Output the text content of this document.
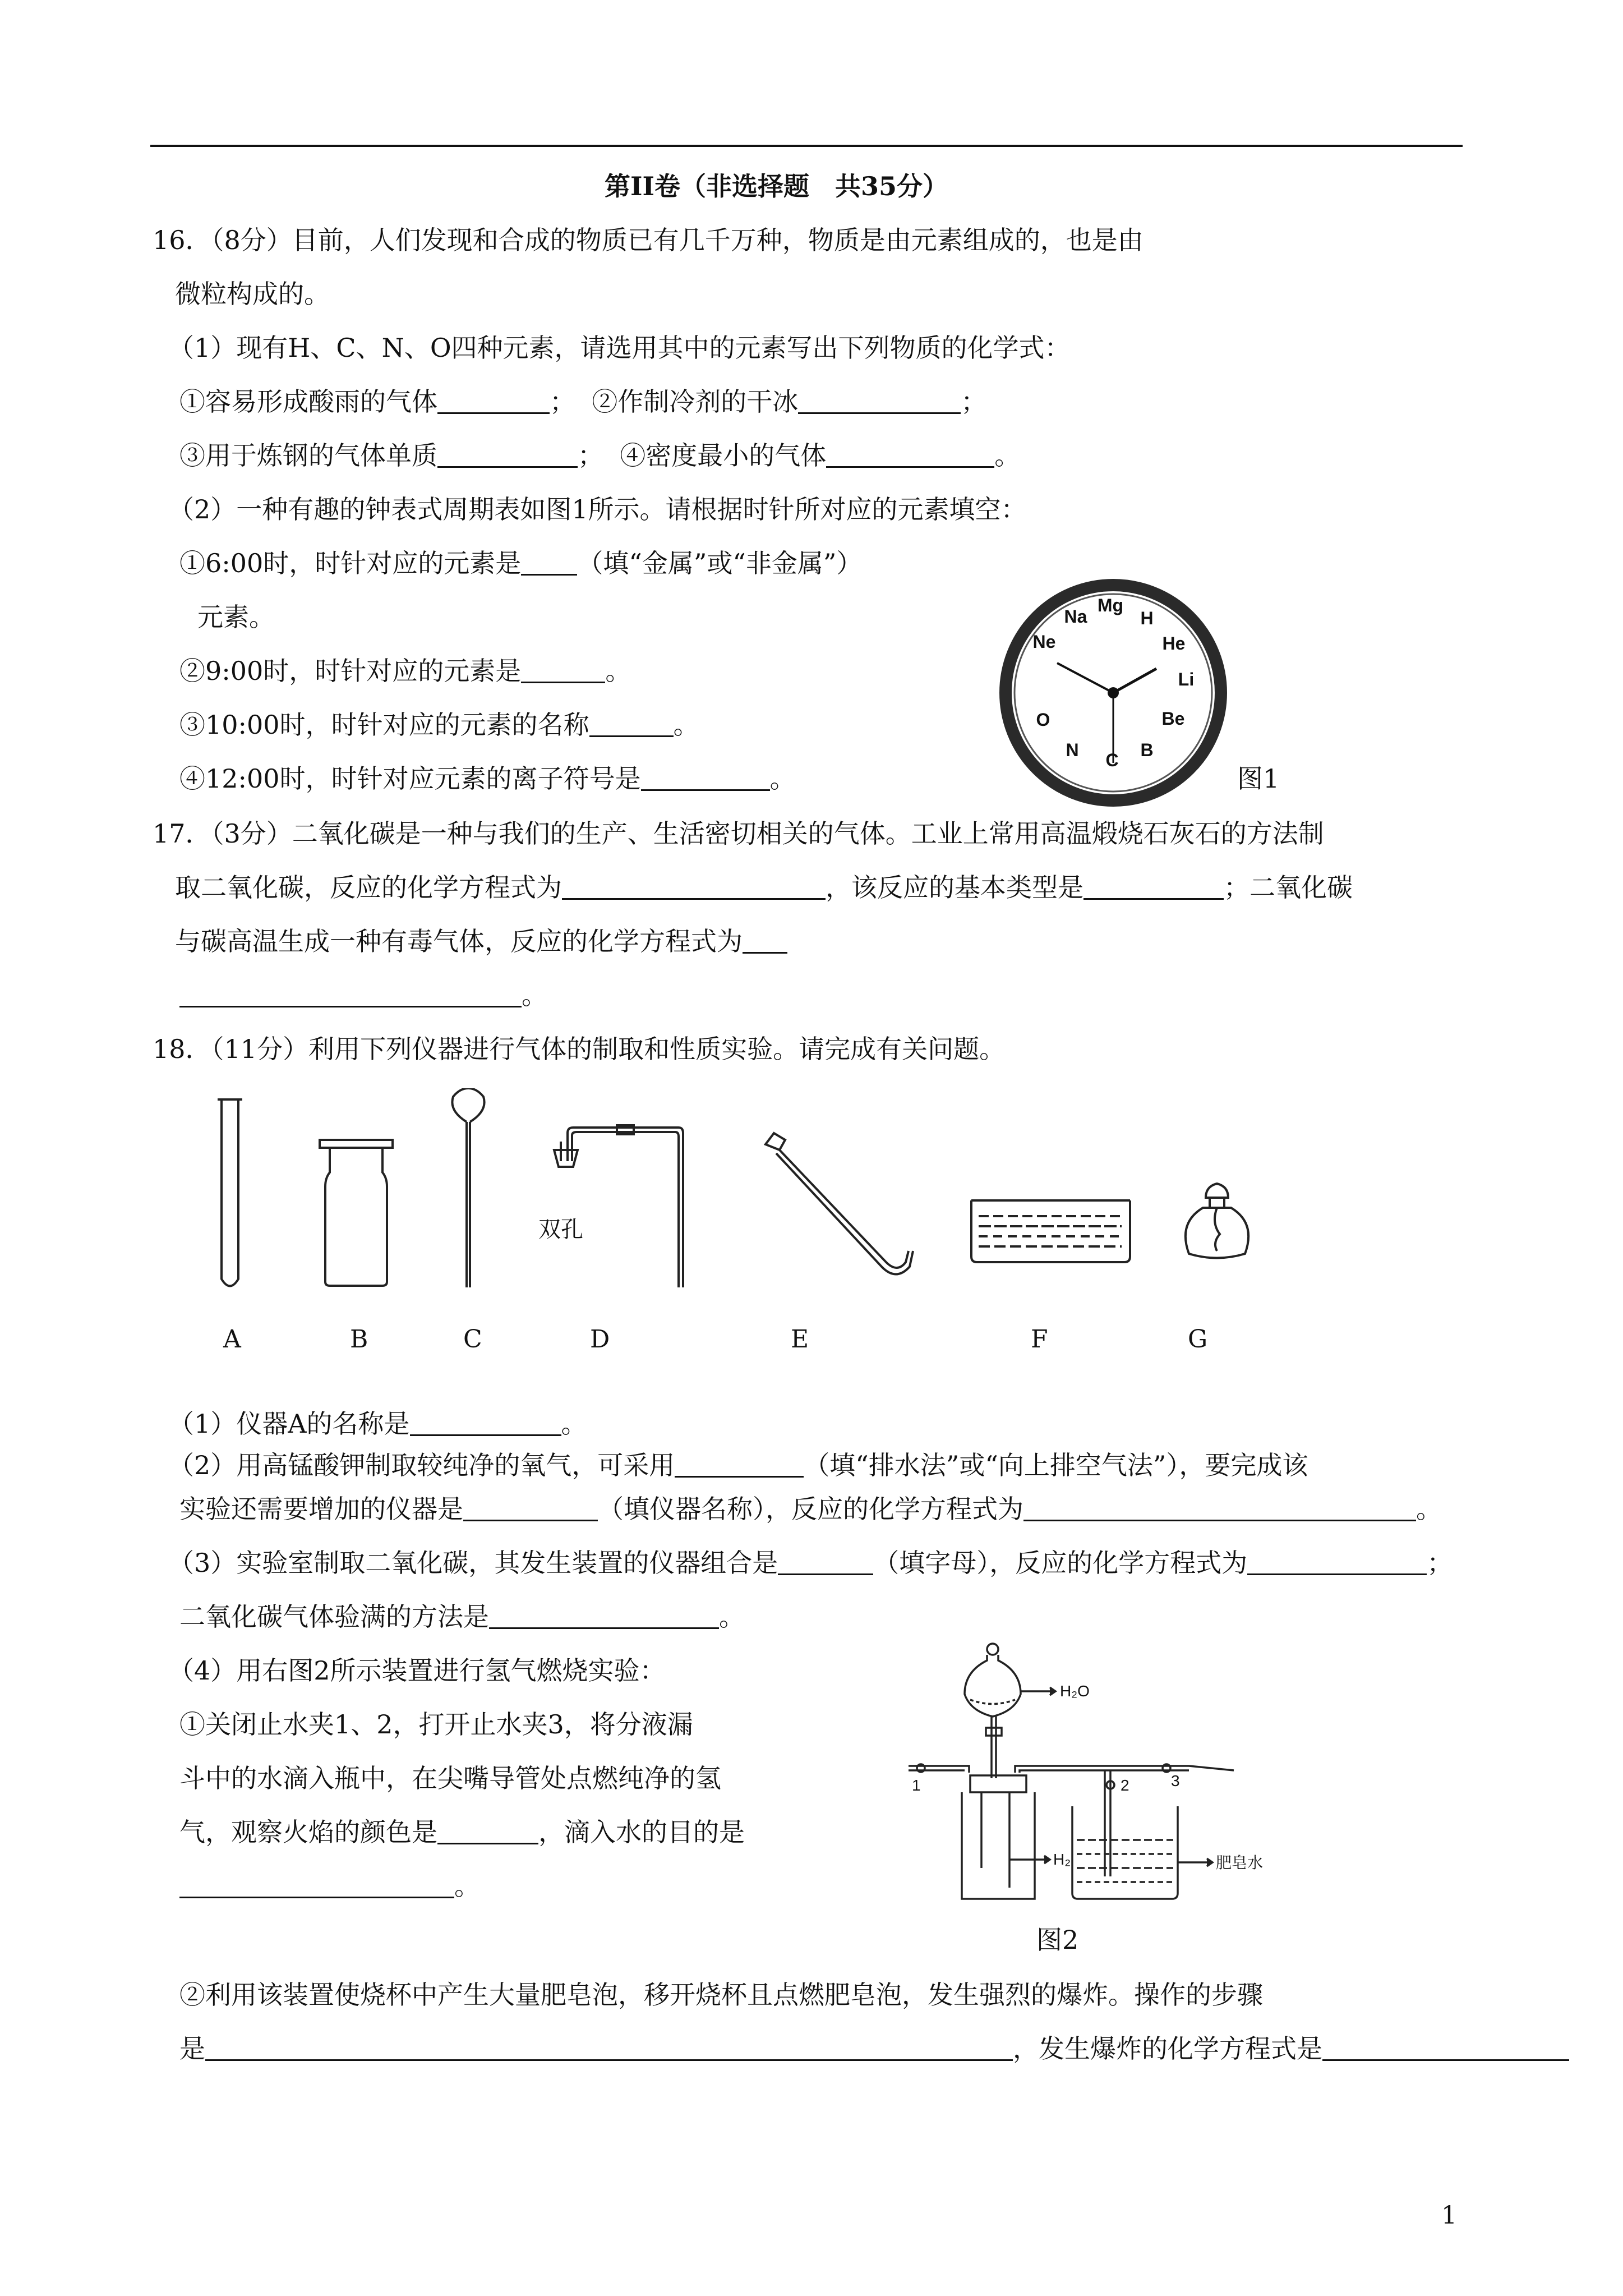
第II卷（非选择题　共35分）
16．（8分）目前，人们发现和合成的物质已有几千万种，物质是由元素组成的，也是由
微粒构成的。
（1）现有H、C、N、O四种元素，请选用其中的元素写出下列物质的化学式：
①容易形成酸雨的气体	； ②作制冷剂的干冰	；
③用于炼钢的气体单质	； ④密度最小的气体	。
（2）一种有趣的钟表式周期表如图1所示。请根据时针所对应的元素填空：
①6:00时，时针对应的元素是 （填“金属”或“非金属”）
元素。
②9:00时，时针对应的元素是	。
③10:00时，时针对应的元素的名称	。
④12:00时，时针对应元素的离子符号是	。
Mg
H
He
Li
Be
B
C
N
O
Ne
Na
图1
17．（3分）二氧化碳是一种与我们的生产、生活密切相关的气体。工业上常用高温煅烧石灰石的方法制
取二氧化碳，反应的化学方程式为	，该反应的基本类型是	；二氧化碳
与碳高温生成一种有毒气体，反应的化学方程式为
。
18．（11分）利用下列仪器进行气体的制取和性质实验。请完成有关问题。
双孔
A	B	C	D	E	F	G
（1）仪器A的名称是	。
（2）用高锰酸钾制取较纯净的氧气，可采用	（填“排水法”或“向上排空气法”），要完成该
实验还需要增加的仪器是	（填仪器名称），反应的化学方程式为	。
（3）实验室制取二氧化碳，其发生装置的仪器组合是	（填字母），反应的化学方程式为	；
二氧化碳气体验满的方法是	。
（4）用右图2所示装置进行氢气燃烧实验：
①关闭止水夹1、2，打开止水夹3，将分液漏
斗中的水滴入瓶中，在尖嘴导管处点燃纯净的氢
气，观察火焰的颜色是	，滴入水的目的是
。
H₂O
H₂	肥皂水
1	2	3
图2
②利用该装置使烧杯中产生大量肥皂泡，移开烧杯且点燃肥皂泡，发生强烈的爆炸。操作的步骤
是	，发生爆炸的化学方程式是
1
